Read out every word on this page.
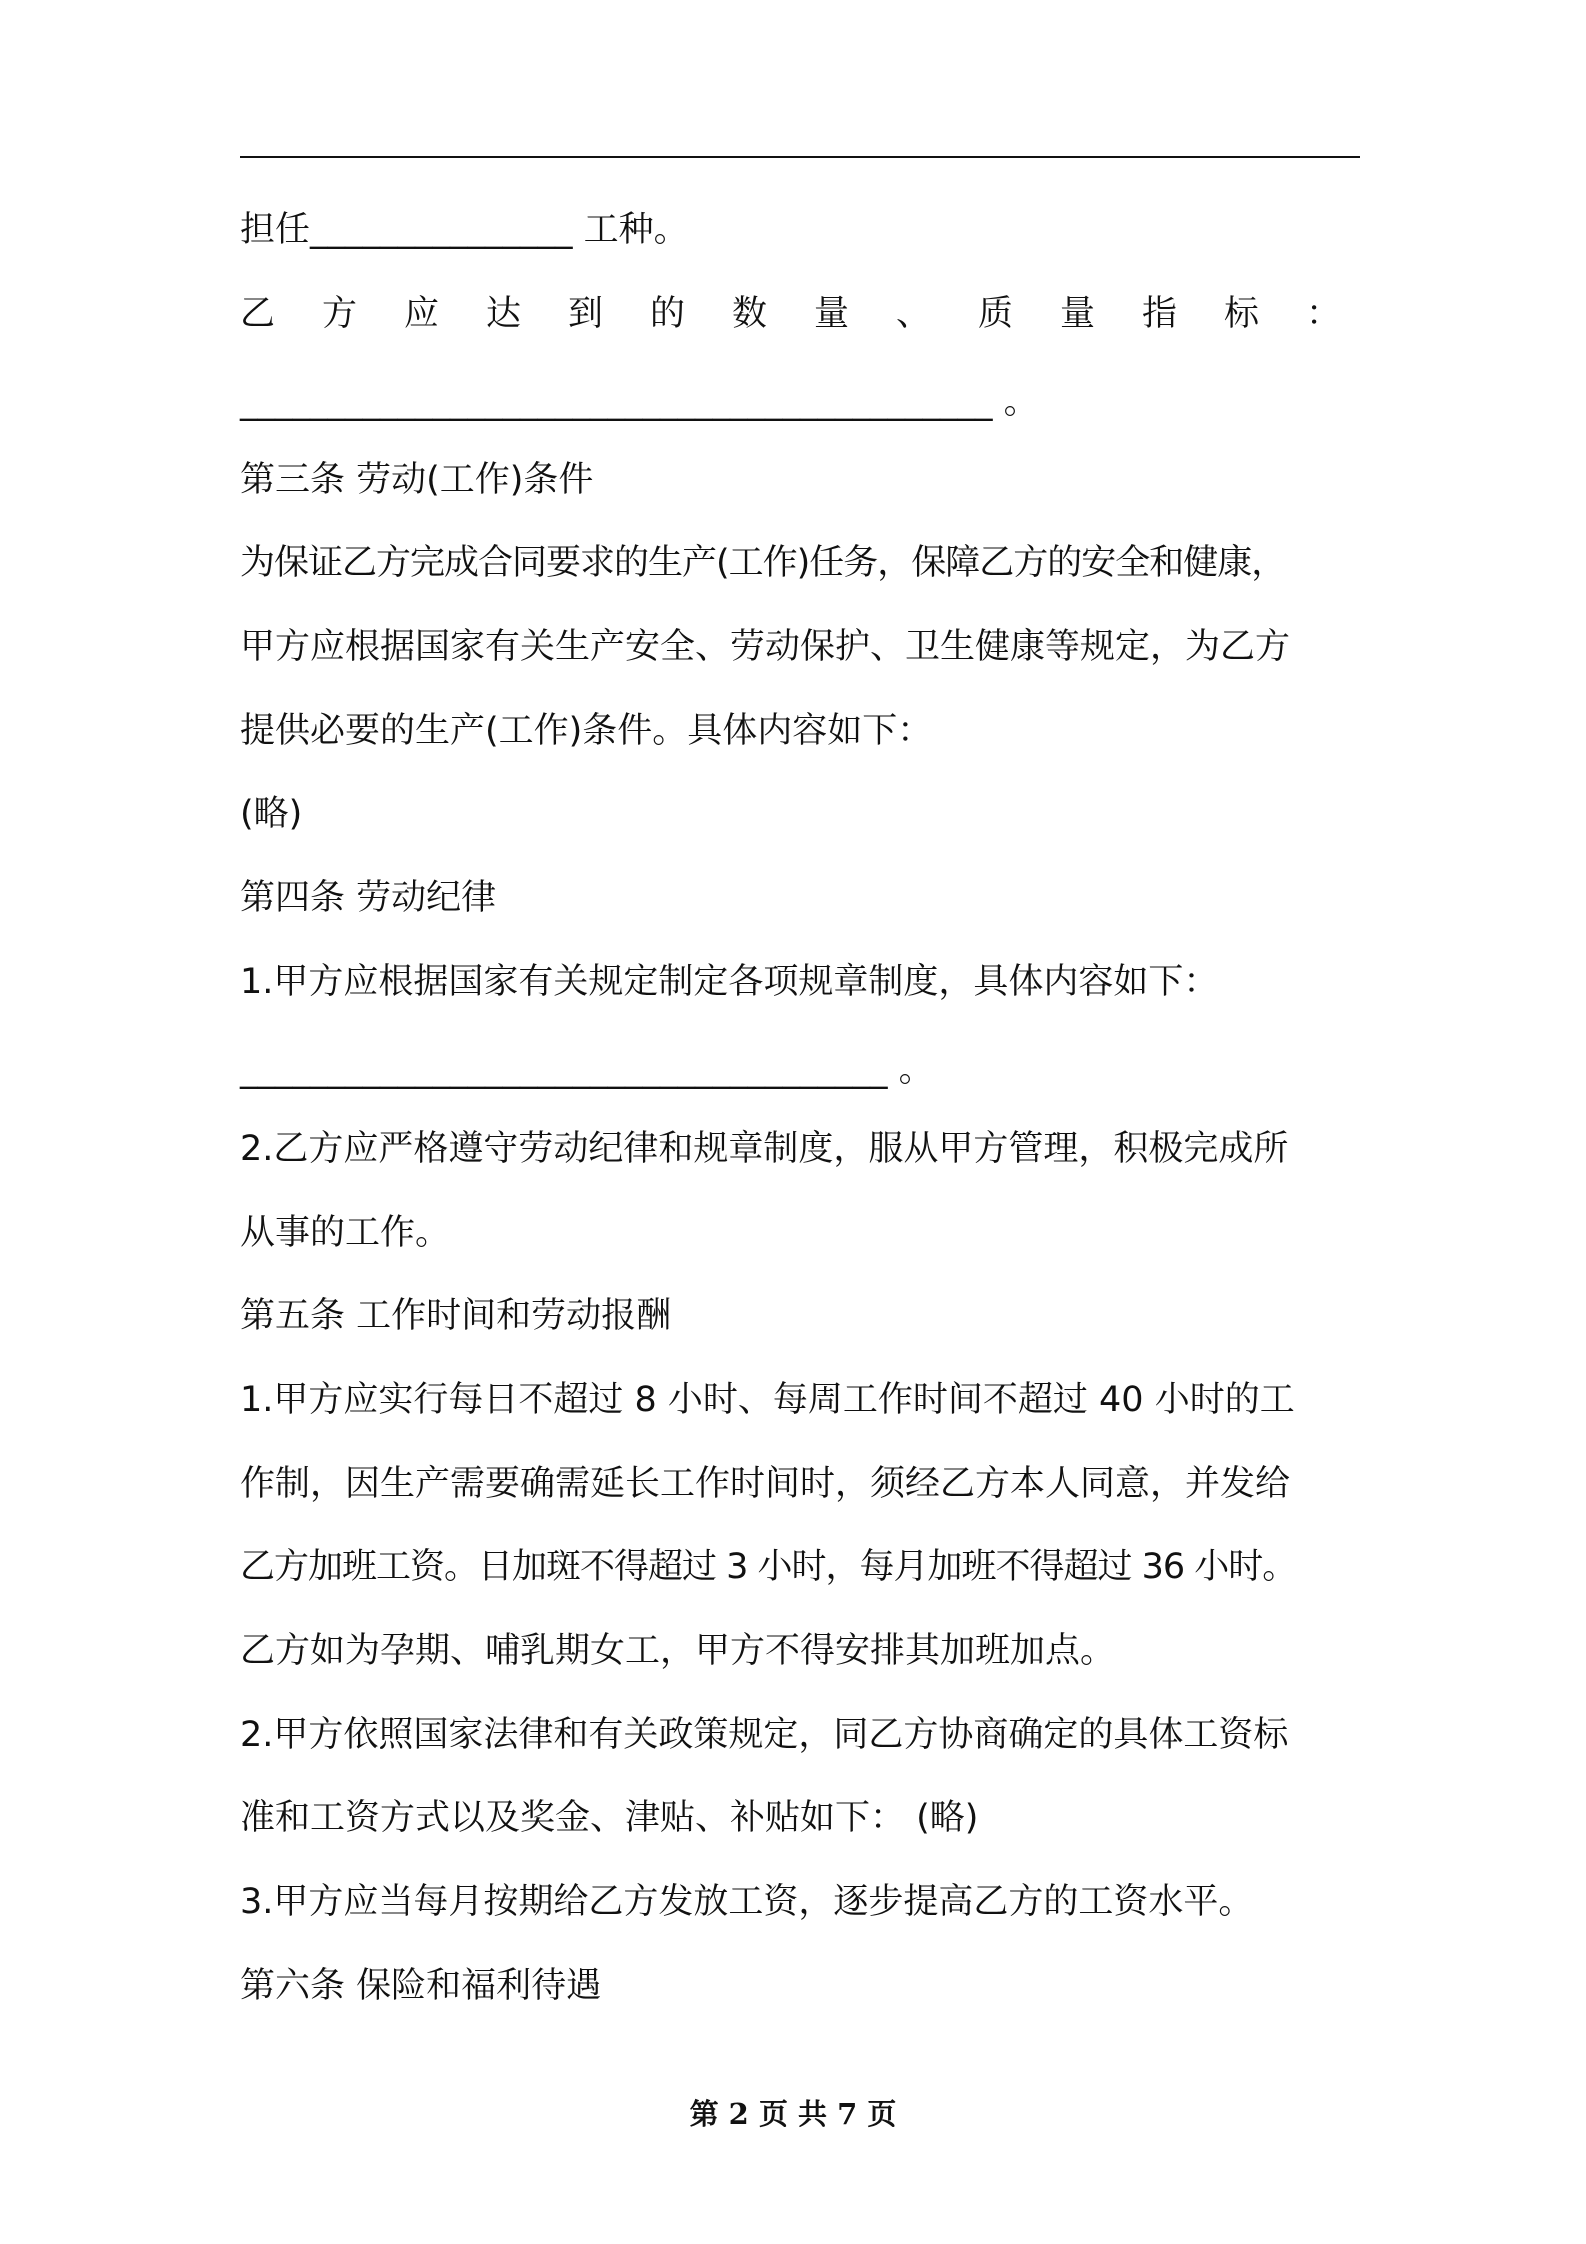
担任_______________ 工种。
乙方应达到的数量、质量指标：
___________________________________________ 。
第三条 劳动(工作)条件
为保证乙方完成合同要求的生产(工作)任务，保障乙方的安全和健康，
甲方应根据国家有关生产安全、劳动保护、卫生健康等规定，为乙方
提供必要的生产(工作)条件。具体内容如下：
(略)
第四条 劳动纪律
1.甲方应根据国家有关规定制定各项规章制度，具体内容如下：
_____________________________________ 。
2.乙方应严格遵守劳动纪律和规章制度，服从甲方管理，积极完成所
从事的工作。
第五条 工作时间和劳动报酬
1.甲方应实行每日不超过 8 小时、每周工作时间不超过 40 小时的工
作制，因生产需要确需延长工作时间时，须经乙方本人同意，并发给
乙方加班工资。日加斑不得超过 3 小时，每月加班不得超过 36 小时。
乙方如为孕期、哺乳期女工，甲方不得安排其加班加点。
2.甲方依照国家法律和有关政策规定，同乙方协商确定的具体工资标
准和工资方式以及奖金、津贴、补贴如下： (略)
3.甲方应当每月按期给乙方发放工资，逐步提高乙方的工资水平。
第六条 保险和福利待遇
第 2 页 共 7 页
